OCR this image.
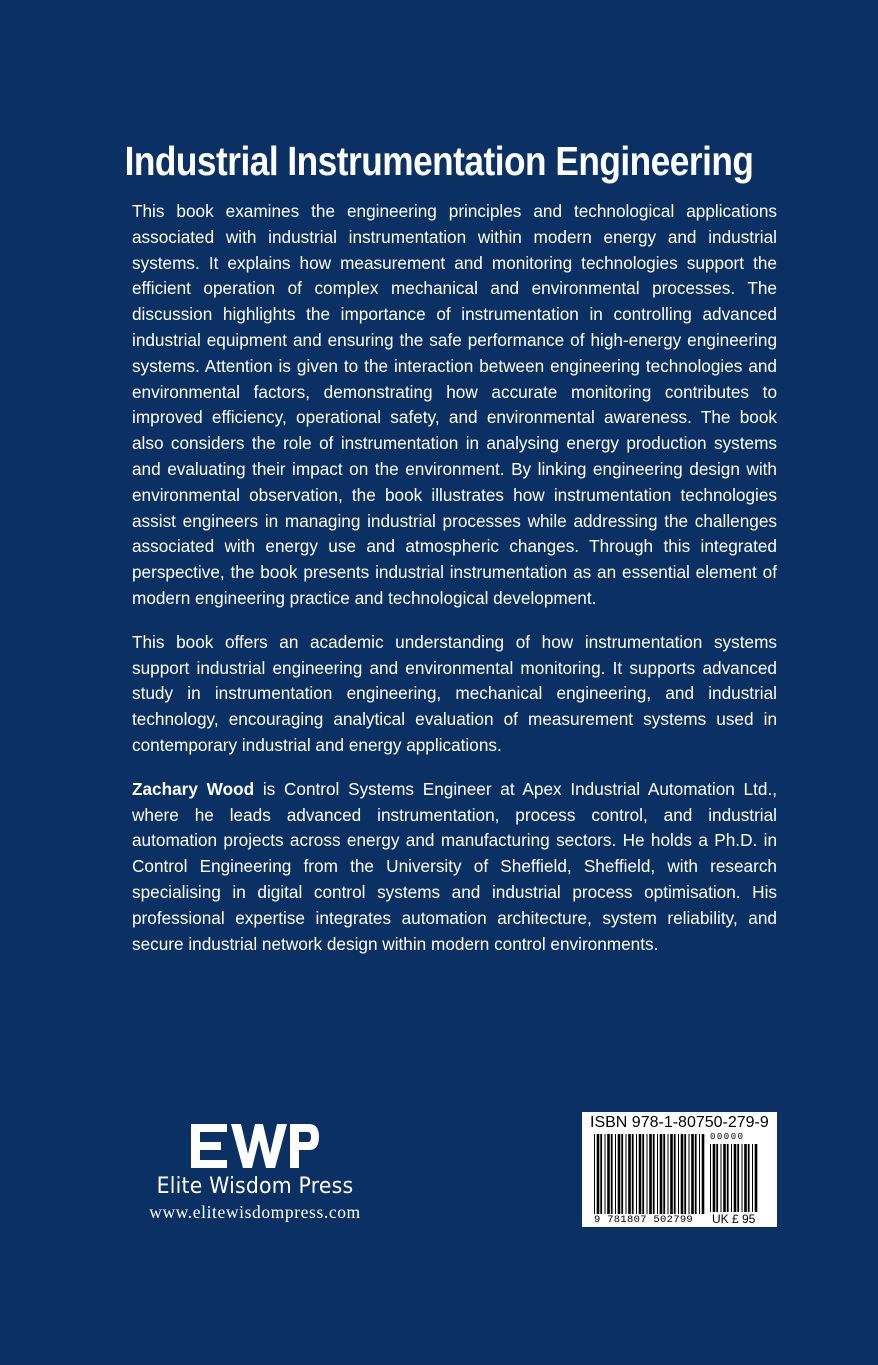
Industrial Instrumentation Engineering

This book examines the engineering principles and technological applications associated with industrial instrumentation within modern energy and industrial systems. It explains how measurement and monitoring technologies support the efficient operation of complex mechanical and environmental processes. The discussion highlights the importance of instrumentation in controlling advanced industrial equipment and ensuring the safe performance of high-energy engineering systems. Attention is given to the interaction between engineering technologies and environmental factors, demonstrating how accurate monitoring contributes to improved efficiency, operational safety, and environmental awareness. The book also considers the role of instrumentation in analysing energy production systems and evaluating their impact on the environment. By linking engineering design with environmental observation, the book illustrates how instrumentation technologies assist engineers in managing industrial processes while addressing the challenges associated with energy use and atmospheric changes. Through this integrated perspective, the book presents industrial instrumentation as an essential element of modern engineering practice and technological development.

This book offers an academic understanding of how instrumentation systems support industrial engineering and environmental monitoring. It supports advanced study in instrumentation engineering, mechanical engineering, and industrial technology, encouraging analytical evaluation of measurement systems used in contemporary industrial and energy applications.

Zachary Wood is Control Systems Engineer at Apex Industrial Automation Ltd., where he leads advanced instrumentation, process control, and industrial automation projects across energy and manufacturing sectors. He holds a Ph.D. in Control Engineering from the University of Sheffield, Sheffield, with research specialising in digital control systems and industrial process optimisation. His professional expertise integrates automation architecture, system reliability, and secure industrial network design within modern control environments.

Elite Wisdom Press
www.elitewisdompress.com
ISBN 978-1-80750-279-9
00000
9 781807 502799 UK £ 95
